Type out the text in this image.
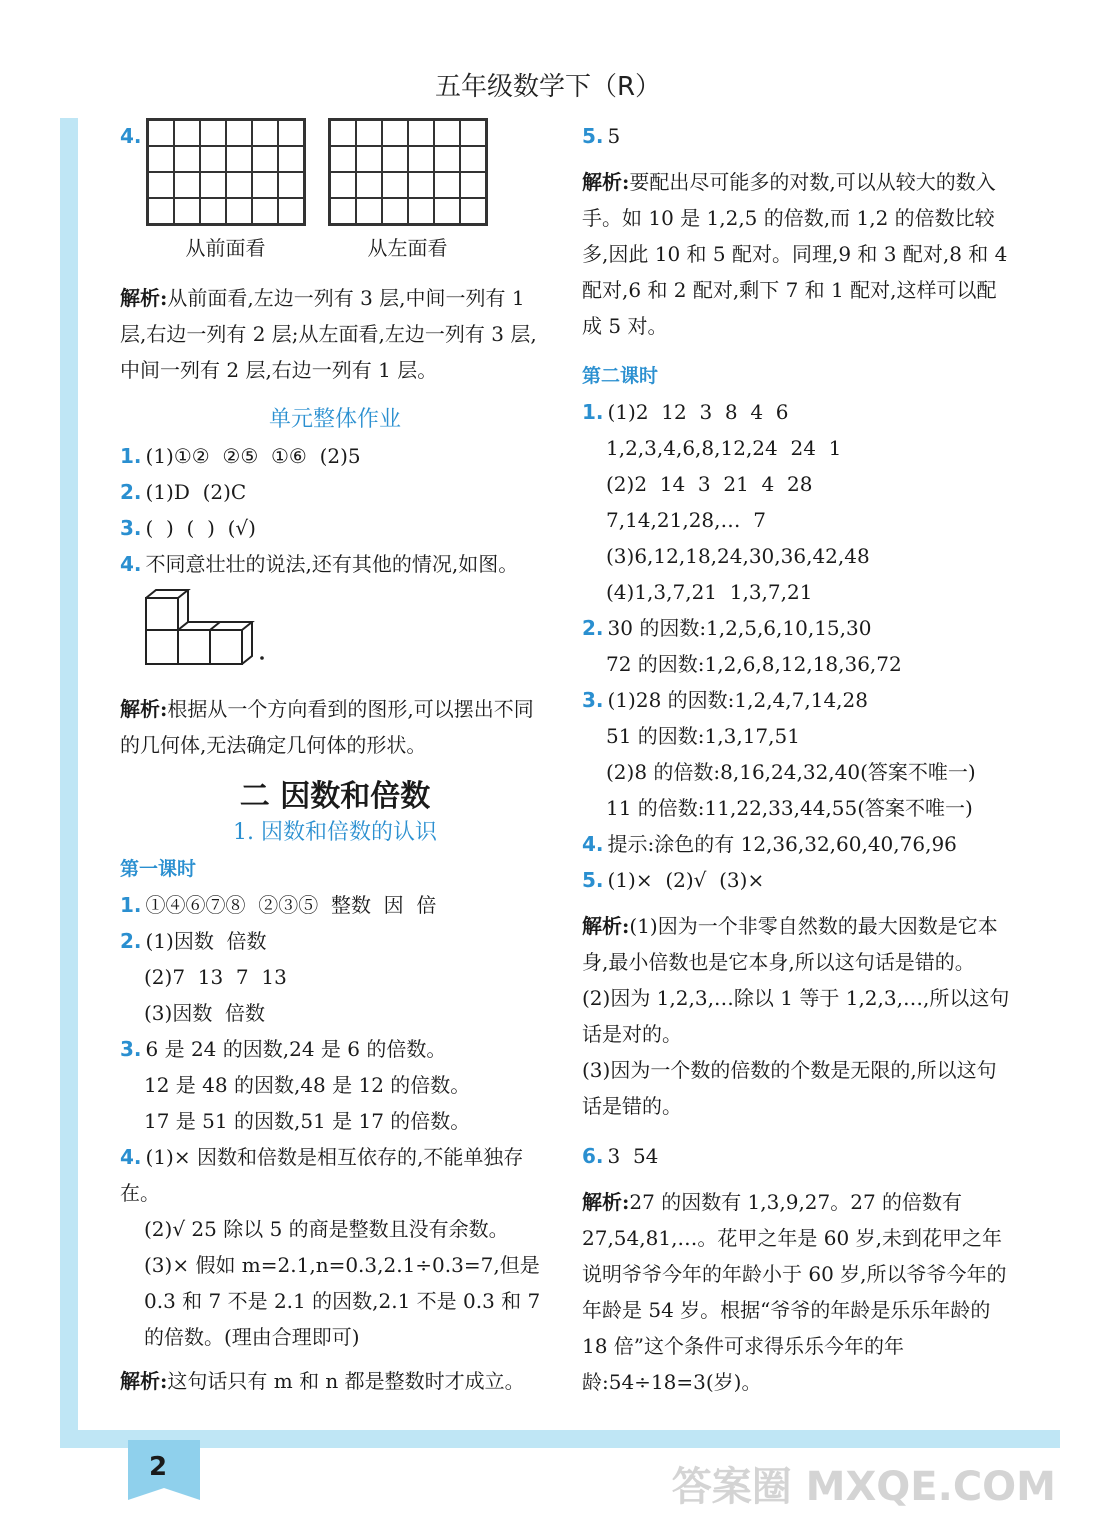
五年级数学下（R）
4.
从前面看	从左面看
解析:从前面看,左边一列有 3 层,中间一列有 1 层,右边一列有 2 层;从左面看,左边一列有 3 层,中间一列有 2 层,右边一列有 1 层。
单元整体作业
1. (1)①②  ②⑤  ①⑥  (2)5
2. (1)D  (2)C
3. (  )  (  )  (√)
4. 不同意壮壮的说法,还有其他的情况,如图。
解析:根据从一个方向看到的图形,可以摆出不同的几何体,无法确定几何体的形状。
二 因数和倍数
1. 因数和倍数的认识
第一课时
1. ①④⑥⑦⑧  ②③⑤  整数  因  倍
2. (1)因数  倍数
(2)7  13  7  13
(3)因数  倍数
3. 6 是 24 的因数,24 是 6 的倍数。
12 是 48 的因数,48 是 12 的倍数。
17 是 51 的因数,51 是 17 的倍数。
4. (1)× 因数和倍数是相互依存的,不能单独存在。
(2)√ 25 除以 5 的商是整数且没有余数。
(3)× 假如 m=2.1,n=0.3,2.1÷0.3=7,但是 0.3 和 7 不是 2.1 的因数,2.1 不是 0.3 和 7 的倍数。(理由合理即可)
解析:这句话只有 m 和 n 都是整数时才成立。
5. 5
解析:要配出尽可能多的对数,可以从较大的数入手。如 10 是 1,2,5 的倍数,而 1,2 的倍数比较多,因此 10 和 5 配对。同理,9 和 3 配对,8 和 4 配对,6 和 2 配对,剩下 7 和 1 配对,这样可以配成 5 对。
第二课时
1. (1)2  12  3  8  4  6
1,2,3,4,6,8,12,24  24  1
(2)2  14  3  21  4  28
7,14,21,28,…  7
(3)6,12,18,24,30,36,42,48
(4)1,3,7,21  1,3,7,21
2. 30 的因数:1,2,5,6,10,15,30
72 的因数:1,2,6,8,12,18,36,72
3. (1)28 的因数:1,2,4,7,14,28
51 的因数:1,3,17,51
(2)8 的倍数:8,16,24,32,40(答案不唯一)
11 的倍数:11,22,33,44,55(答案不唯一)
4. 提示:涂色的有 12,36,32,60,40,76,96
5. (1)×  (2)√  (3)×
解析:(1)因为一个非零自然数的最大因数是它本身,最小倍数也是它本身,所以这句话是错的。
(2)因为 1,2,3,…除以 1 等于 1,2,3,…,所以这句话是对的。
(3)因为一个数的倍数的个数是无限的,所以这句话是错的。
6. 3  54
解析:27 的因数有 1,3,9,27。27 的倍数有 27,54,81,…。花甲之年是 60 岁,未到花甲之年说明爷爷今年的年龄小于 60 岁,所以爷爷今年的年龄是 54 岁。根据“爷爷的年龄是乐乐年龄的 18 倍”这个条件可求得乐乐今年的年龄:54÷18=3(岁)。
2	答案圈 MXQE.COM
